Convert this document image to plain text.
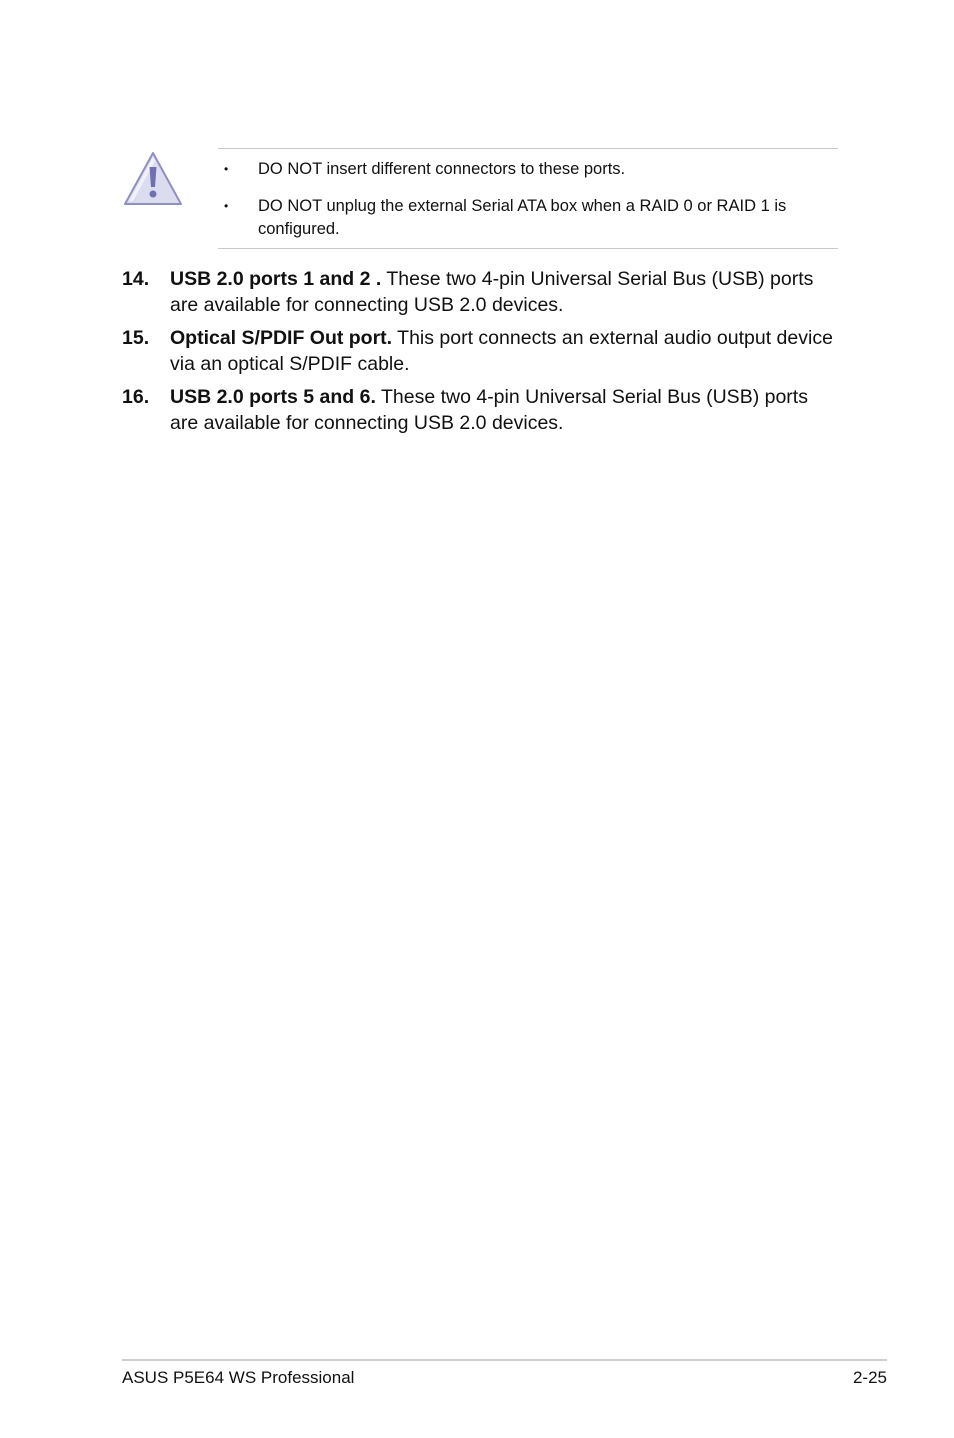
• DO NOT insert different connectors to these ports.
• DO NOT unplug the external Serial ATA box when a RAID 0 or RAID 1 is configured.
14. USB 2.0 ports 1 and 2 . These two 4-pin Universal Serial Bus (USB) ports are available for connecting USB 2.0 devices.
15. Optical S/PDIF Out port. This port connects an external audio output device via an optical S/PDIF cable.
16. USB 2.0 ports 5 and 6. These two 4-pin Universal Serial Bus (USB) ports are available for connecting USB 2.0 devices.
ASUS P5E64 WS Professional	2-25
